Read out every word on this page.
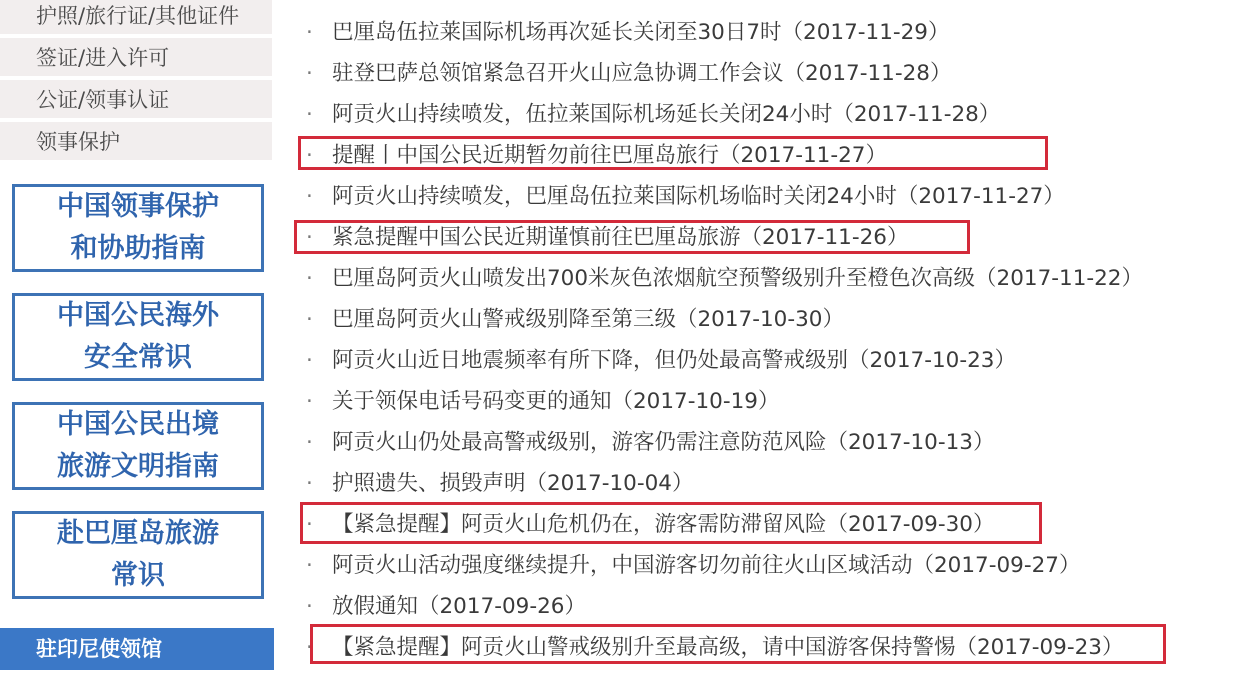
护照/旅行证/其他证件
签证/进入许可
公证/领事认证
领事保护
中国领事保护
和协助指南
中国公民海外
安全常识
中国公民出境
旅游文明指南
赴巴厘岛旅游
常识
驻印尼使领馆
· 巴厘岛伍拉莱国际机场再次延长关闭至30日7时（2017-11-29）
· 驻登巴萨总领馆紧急召开火山应急协调工作会议（2017-11-28）
· 阿贡火山持续喷发，伍拉莱国际机场延长关闭24小时（2017-11-28）
· 提醒丨中国公民近期暂勿前往巴厘岛旅行（2017-11-27）
· 阿贡火山持续喷发，巴厘岛伍拉莱国际机场临时关闭24小时（2017-11-27）
· 紧急提醒中国公民近期谨慎前往巴厘岛旅游（2017-11-26）
· 巴厘岛阿贡火山喷发出700米灰色浓烟航空预警级别升至橙色次高级（2017-11-22）
· 巴厘岛阿贡火山警戒级别降至第三级（2017-10-30）
· 阿贡火山近日地震频率有所下降，但仍处最高警戒级别（2017-10-23）
· 关于领保电话号码变更的通知（2017-10-19）
· 阿贡火山仍处最高警戒级别，游客仍需注意防范风险（2017-10-13）
· 护照遗失、损毁声明（2017-10-04）
· 【紧急提醒】阿贡火山危机仍在，游客需防滞留风险（2017-09-30）
· 阿贡火山活动强度继续提升，中国游客切勿前往火山区域活动（2017-09-27）
· 放假通知（2017-09-26）
· 【紧急提醒】阿贡火山警戒级别升至最高级，请中国游客保持警惕（2017-09-23）
